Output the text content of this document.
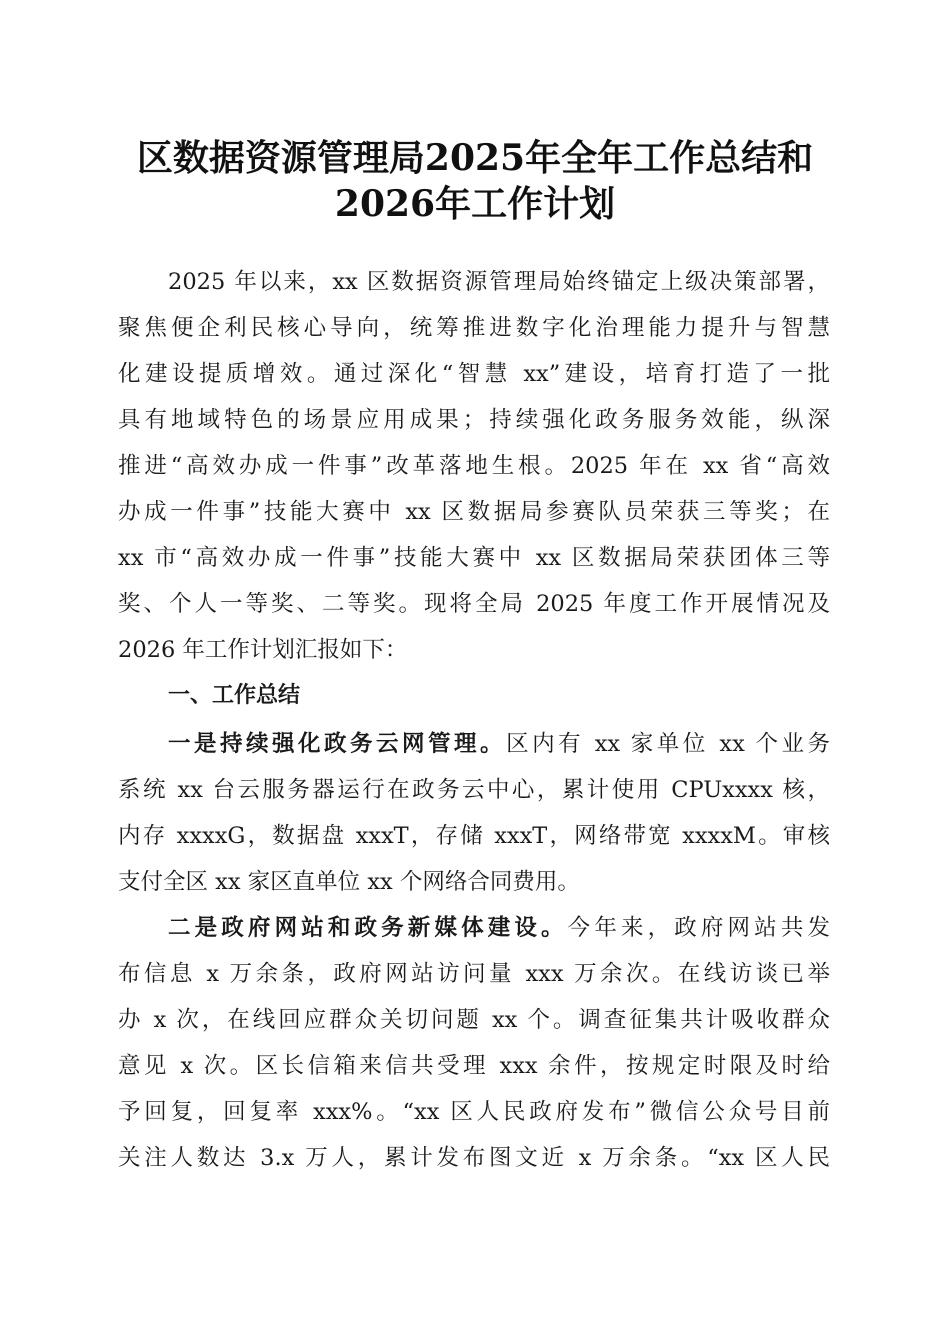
区数据资源管理局2025年全年工作总结和
2026年工作计划
2025 年以来，xx 区数据资源管理局始终锚定上级决策部署，
聚焦便企利民核心导向，统筹推进数字化治理能力提升与智慧
化建设提质增效。通过深化“智慧 xx”建设，培育打造了一批
具有地域特色的场景应用成果；持续强化政务服务效能，纵深
推进“高效办成一件事”改革落地生根。2025 年在 xx 省“高效
办成一件事”技能大赛中 xx 区数据局参赛队员荣获三等奖；在
xx 市“高效办成一件事”技能大赛中 xx 区数据局荣获团体三等
奖、个人一等奖、二等奖。现将全局 2025 年度工作开展情况及
2026 年工作计划汇报如下：
一、工作总结
一是持续强化政务云网管理。区内有 xx 家单位 xx 个业务
系统 xx 台云服务器运行在政务云中心，累计使用 CPUxxxx 核，
内存 xxxxG，数据盘 xxxT，存储 xxxT，网络带宽 xxxxM。审核
支付全区 xx 家区直单位 xx 个网络合同费用。
二是政府网站和政务新媒体建设。今年来，政府网站共发
布信息 x 万余条，政府网站访问量 xxx 万余次。在线访谈已举
办 x 次，在线回应群众关切问题 xx 个。调查征集共计吸收群众
意见 x 次。区长信箱来信共受理 xxx 余件，按规定时限及时给
予回复，回复率 xxx%。“xx 区人民政府发布”微信公众号目前
关注人数达 3.x 万人，累计发布图文近 x 万余条。“xx 区人民
